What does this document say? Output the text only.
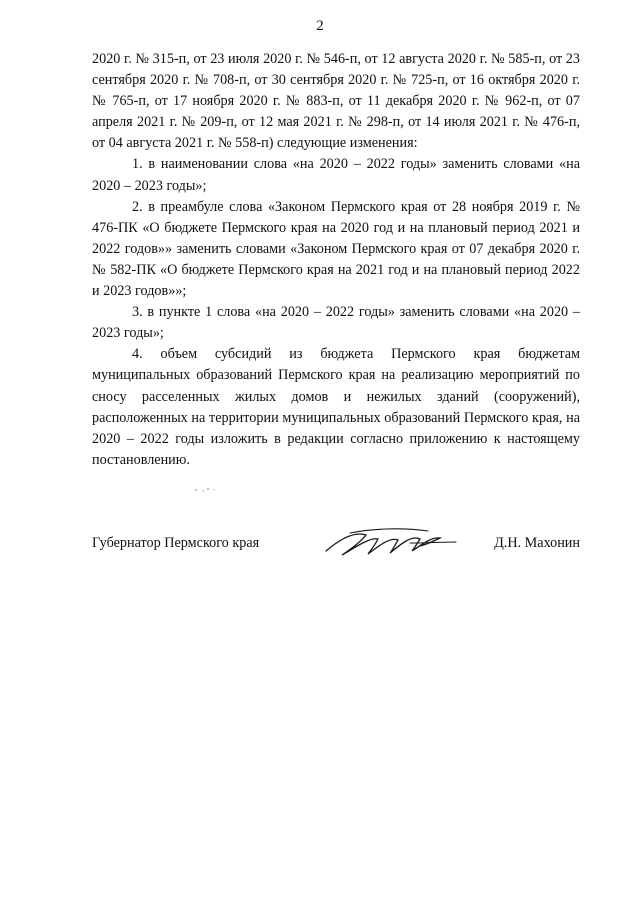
2

2020 г. № 315-п, от 23 июля 2020 г. № 546-п, от 12 августа 2020 г. № 585-п, от 23 сентября 2020 г. № 708-п, от 30 сентября 2020 г. № 725-п, от 16 октября 2020 г. № 765-п, от 17 ноября 2020 г. № 883-п, от 11 декабря 2020 г. № 962-п, от 07 апреля 2021 г. № 209-п, от 12 мая 2021 г. № 298-п, от 14 июля 2021 г. № 476-п, от 04 августа 2021 г. № 558-п) следующие изменения:

1. в наименовании слова «на 2020 – 2022 годы» заменить словами «на 2020 – 2023 годы»;

2. в преамбуле слова «Законом Пермского края от 28 ноября 2019 г. № 476-ПК «О бюджете Пермского края на 2020 год и на плановый период 2021 и 2022 годов»» заменить словами «Законом Пермского края от 07 декабря 2020 г. № 582-ПК «О бюджете Пермского края на 2021 год и на плановый период 2022 и 2023 годов»»;

3. в пункте 1 слова «на 2020 – 2022 годы» заменить словами «на 2020 – 2023 годы»;

4. объем субсидий из бюджета Пермского края бюджетам муниципальных образований Пермского края на реализацию мероприятий по сносу расселенных жилых домов и нежилых зданий (сооружений), расположенных на территории муниципальных образований Пермского края, на 2020 – 2022 годы изложить в редакции согласно приложению к настоящему постановлению.

Губернатор Пермского края	Д.Н. Махонин
